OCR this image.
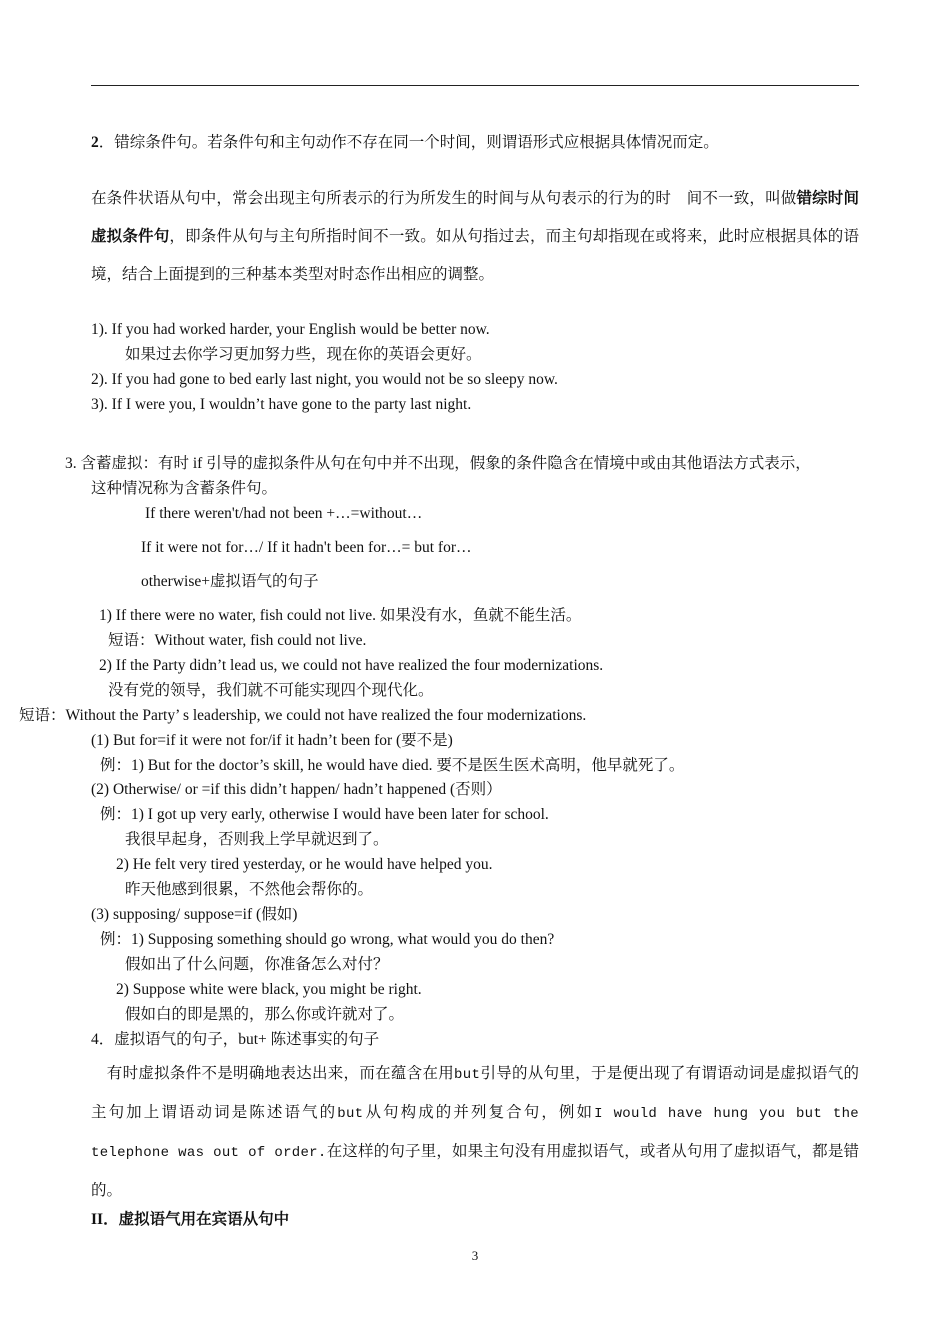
2．错综条件句。若条件句和主句动作不存在同一个时间，则谓语形式应根据具体情况而定。
在条件状语从句中，常会出现主句所表示的行为所发生的时间与从句表示的行为的时　间不一致，叫做错综时间虚拟条件句，即条件从句与主句所指时间不一致。如从句指过去，而主句却指现在或将来，此时应根据具体的语境，结合上面提到的三种基本类型对时态作出相应的调整。
1). If you had worked harder, your English would be better now.
如果过去你学习更加努力些，现在你的英语会更好。
2). If you had gone to bed early last night, you would not be so sleepy now.
3). If I were you, I wouldn’t have gone to the party last night.
3. 含蓄虚拟：有时 if 引导的虚拟条件从句在句中并不出现，假象的条件隐含在情境中或由其他语法方式表示，
这种情况称为含蓄条件句。
If there weren't/had not been +…=without…
If it were not for…/ If it hadn't been for…= but for…
otherwise+虚拟语气的句子
1) If there were no water, fish could not live. 如果没有水，鱼就不能生活。
短语：Without water, fish could not live.
2) If the Party didn’t lead us, we could not have realized the four modernizations.
没有党的领导，我们就不可能实现四个现代化。
短语：Without the Party’ s leadership, we could not have realized the four modernizations.
(1) But for=if it were not for/if it hadn’t been for (要不是)
例：1) But for the doctor’s skill, he would have died. 要不是医生医术高明，他早就死了。
(2) Otherwise/ or =if this didn’t happen/ hadn’t happened (否则）
例：1) I got up very early, otherwise I would have been later for school.
我很早起身，否则我上学早就迟到了。
2) He felt very tired yesterday, or he would have helped you.
昨天他感到很累，不然他会帮你的。
(3) supposing/ suppose=if (假如)
例：1) Supposing something should go wrong, what would you do then?
假如出了什么问题，你准备怎么对付？
2) Suppose white were black, you might be right.
假如白的即是黑的，那么你或许就对了。
4．虚拟语气的句子，but+ 陈述事实的句子
　有时虚拟条件不是明确地表达出来，而在蕴含在用but引导的从句里，于是便出现了有谓语动词是虚拟语气的主句加上谓语动词是陈述语气的but从句构成的并列复合句，例如I would have hung you but the telephone was out of order.在这样的句子里，如果主句没有用虚拟语气，或者从句用了虚拟语气，都是错的。
II．虚拟语气用在宾语从句中
3
